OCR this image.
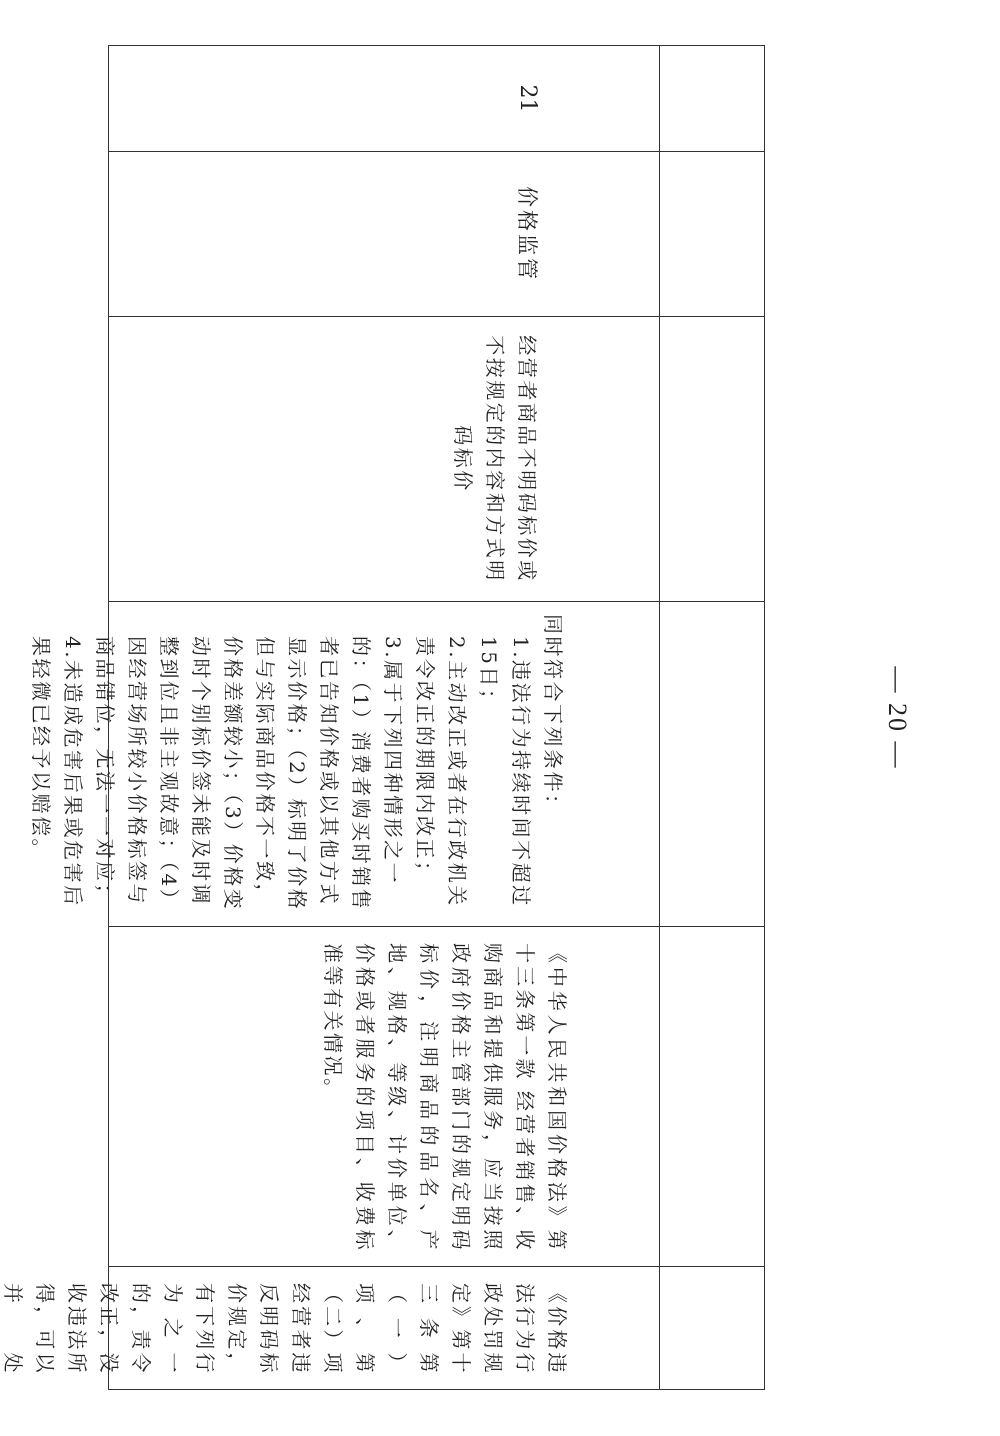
21
价格监管
经营者商品不明码标价或不按规定的内容和方式明码标价

同时符合下列条件：

1.违法行为持续时间不超过15日；

2.主动改正或者在行政机关责令改正的期限内改正；

3.属于下列四种情形之一的：（1）消费者购买时销售者已告知价格或以其他方式显示价格；（2）标明了价格但与实际商品价格不一致，价格差额较小；（3）价格变动时个别标价签未能及时调整到位且非主观故意；（4）因经营场所较小价格标签与商品错位，无法一一对应；

4.未造成危害后果或危害后果轻微已经予以赔偿。

《中华人民共和国价格法》第十三条第一款 经营者销售、收购商品和提供服务，应当按照政府价格主管部门的规定明码标价，注明商品的品名、产地、规格、等级、计价单位、价格或者服务的项目、收费标准等有关情况。
《价格违法行为行政处罚规定》第十三条第（一）项、第（二）项 经营者违反明码标价规定，有下列行为之一的，责令改正，没收违法所得，可以并处
— 20 —
